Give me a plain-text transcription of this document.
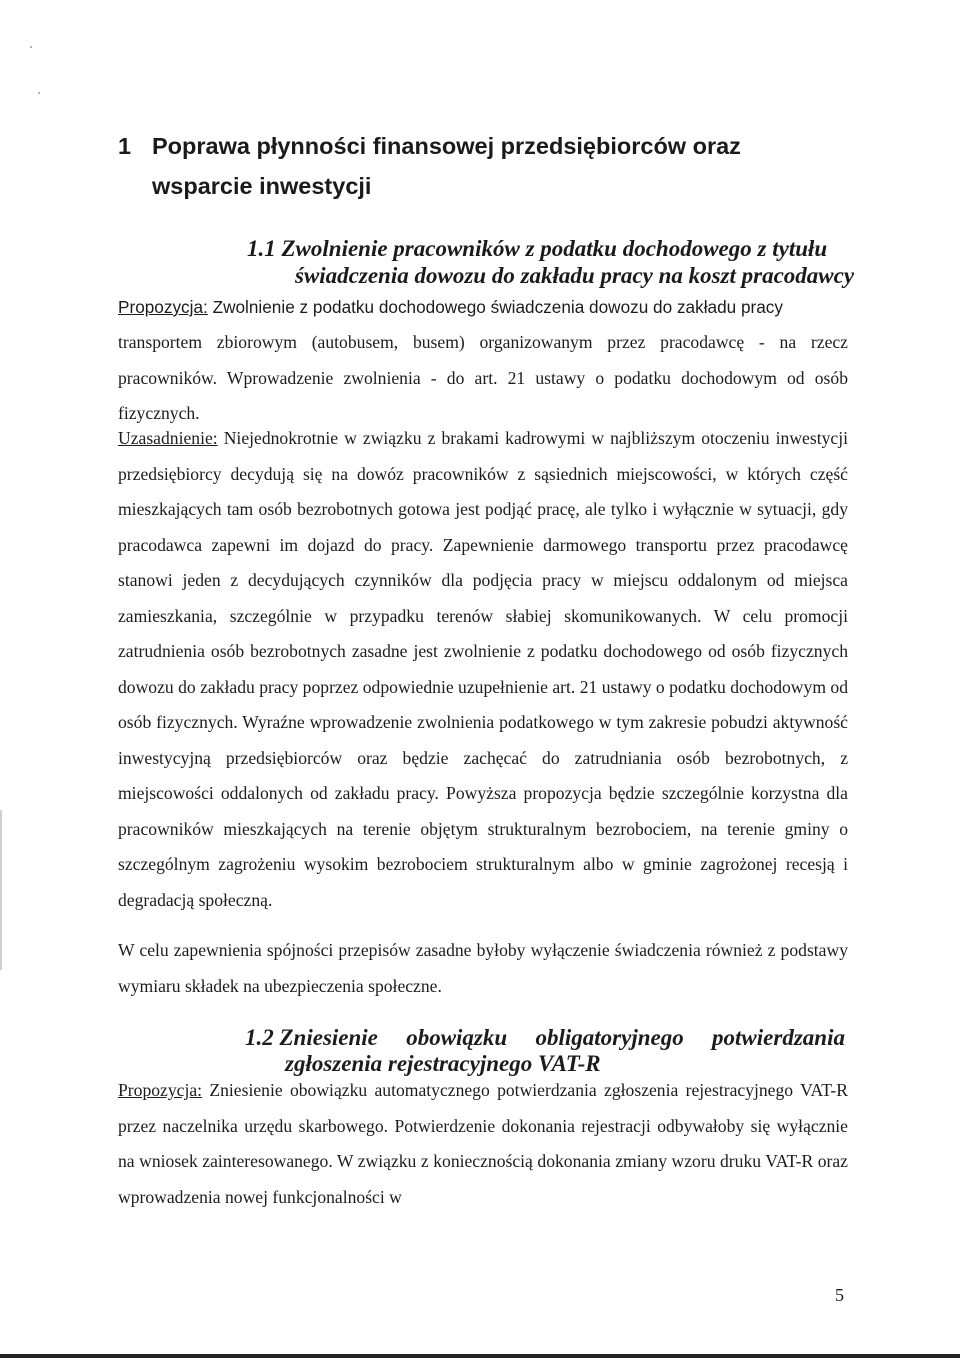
1 Poprawa płynności finansowej przedsiębiorców oraz
wsparcie inwestycji
1.1 Zwolnienie pracowników z podatku dochodowego z tytułu
świadczenia dowozu do zakładu pracy na koszt pracodawcy
Propozycja: Zwolnienie z podatku dochodowego świadczenia dowozu do zakładu pracy
transportem zbiorowym (autobusem, busem) organizowanym przez pracodawcę - na rzecz pracowników. Wprowadzenie zwolnienia - do art. 21 ustawy o podatku dochodowym od osób fizycznych.
Uzasadnienie: Niejednokrotnie w związku z brakami kadrowymi w najbliższym otoczeniu inwestycji przedsiębiorcy decydują się na dowóz pracowników z sąsiednich miejscowości, w których część mieszkających tam osób bezrobotnych gotowa jest podjąć pracę, ale tylko i wyłącznie w sytuacji, gdy pracodawca zapewni im dojazd do pracy. Zapewnienie darmowego transportu przez pracodawcę stanowi jeden z decydujących czynników dla podjęcia pracy w miejscu oddalonym od miejsca zamieszkania, szczególnie w przypadku terenów słabiej skomunikowanych. W celu promocji zatrudnienia osób bezrobotnych zasadne jest zwolnienie z podatku dochodowego od osób fizycznych dowozu do zakładu pracy poprzez odpowiednie uzupełnienie art. 21 ustawy o podatku dochodowym od osób fizycznych. Wyraźne wprowadzenie zwolnienia podatkowego w tym zakresie pobudzi aktywność inwestycyjną przedsiębiorców oraz będzie zachęcać do zatrudniania osób bezrobotnych, z miejscowości oddalonych od zakładu pracy. Powyższa propozycja będzie szczególnie korzystna dla pracowników mieszkających na terenie objętym strukturalnym bezrobociem, na terenie gminy o szczególnym zagrożeniu wysokim bezrobociem strukturalnym albo w gminie zagrożonej recesją i degradacją społeczną.
W celu zapewnienia spójności przepisów zasadne byłoby wyłączenie świadczenia również z podstawy wymiaru składek na ubezpieczenia społeczne.
1.2 Zniesienie obowiązku obligatoryjnego potwierdzania
zgłoszenia rejestracyjnego VAT-R
Propozycja: Zniesienie obowiązku automatycznego potwierdzania zgłoszenia rejestracyjnego VAT-R przez naczelnika urzędu skarbowego. Potwierdzenie dokonania rejestracji odbywałoby się wyłącznie na wniosek zainteresowanego. W związku z koniecznością dokonania zmiany wzoru druku VAT-R oraz wprowadzenia nowej funkcjonalności w
5
